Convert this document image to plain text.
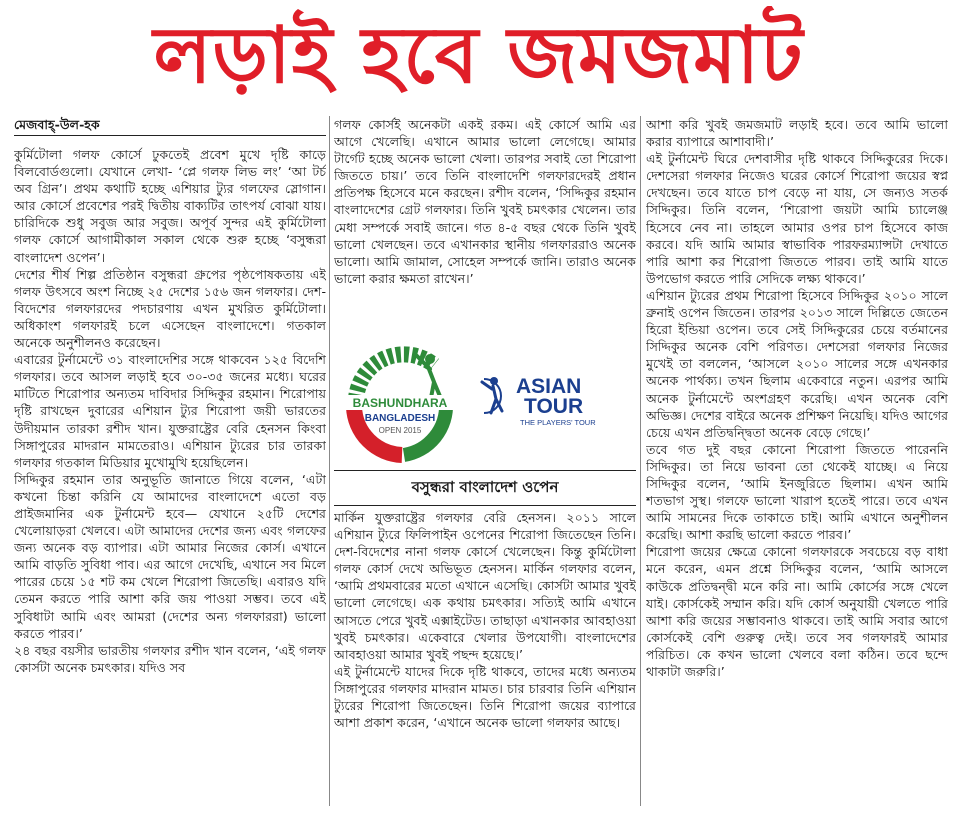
লড়াই হবে জমজমাট
মেজবাহ্-উল-হক

কুর্মিটোলা গলফ কোর্সে ঢুকতেই প্রবেশ মুখে দৃষ্টি কাড়ে বিলবোর্ডগুলো। যেখানে লেখা- ‘প্লে গলফ লিভ লং’ ‘আ টর্চ অব গ্রিন’। প্রথম কথাটি হচ্ছে এশিয়ার ট্যুর গলফের স্লোগান। আর কোর্সে প্রবেশের পরই দ্বিতীয় বাক্যটির তাৎপর্য বোঝা যায়। চারিদিকে শুধু সবুজ আর সবুজ। অপূর্ব সুন্দর এই কুর্মিটোলা গলফ কোর্সে আগামীকাল সকাল থেকে শুরু হচ্ছে ‘বসুন্ধরা বাংলাদেশ ওপেন’।

দেশের শীর্ষ শিল্প প্রতিষ্ঠান বসুন্ধরা গ্রুপের পৃষ্ঠপোষকতায় এই গলফ উৎসবে অংশ নিচ্ছে ২৫ দেশের ১৫৬ জন গলফার। দেশ-বিদেশের গলফারদের পদচারণায় এখন মুখরিত কুর্মিটোলা। অধিকাংশ গলফারই চলে এসেছেন বাংলাদেশে। গতকাল অনেকে অনুশীলনও করেছেন।

এবারের টুর্নামেন্টে ৩১ বাংলাদেশির সঙ্গে থাকবেন ১২৫ বিদেশি গলফার। তবে আসল লড়াই হবে ৩০-৩৫ জনের মধ্যে। ঘরের মাটিতে শিরোপার অন্যতম দাবিদার সিদ্দিকুর রহমান। শিরোপায় দৃষ্টি রাখছেন দুবারের এশিয়ান ট্যুর শিরোপা জয়ী ভারতের উদীয়মান তারকা রশীদ খান। যুক্তরাষ্ট্রের বেরি হেনসন কিংবা সিঙ্গাপুরের মাদরান মামতেরাও। এশিয়ান ট্যুরের চার তারকা গলফার গতকাল মিডিয়ার মুখোমুখি হয়েছিলেন।

সিদ্দিকুর রহমান তার অনুভূতি জানাতে গিয়ে বলেন, ‘এটা কখনো চিন্তা করিনি যে আমাদের বাংলাদেশে এতো বড় প্রাইজমানির এক টুর্নামেন্ট হবে— যেখানে ২৫টি দেশের খেলোয়াড়রা খেলবে। এটা আমাদের দেশের জন্য এবং গলফের জন্য অনেক বড় ব্যাপার। এটা আমার নিজের কোর্স। এখানে আমি বাড়তি সুবিধা পাব। এর আগে দেখেছি, এখানে সব মিলে পারের চেয়ে ১৫ শট কম খেলে শিরোপা জিতেছি। এবারও যদি তেমন করতে পারি আশা করি জয় পাওয়া সম্ভব। তবে এই সুবিধাটা আমি এবং আমরা (দেশের অন্য গলফাররা) ভালো করতে পারব।’

২৪ বছর বয়সীর ভারতীয় গলফার রশীদ খান বলেন, ‘এই গলফ কোর্সটা অনেক চমৎকার। যদিও সব

গলফ কোর্সই অনেকটা একই রকম। এই কোর্সে আমি এর আগে খেলেছি। এখানে আমার ভালো লেগেছে। আমার টার্গেট হচ্ছে অনেক ভালো খেলা। তারপর সবাই তো শিরোপা জিততে চায়।’ তবে তিনি বাংলাদেশি গলফারদেরই প্রধান প্রতিপক্ষ হিসেবে মনে করছেন। রশীদ বলেন, ‘সিদ্দিকুর রহমান বাংলাদেশের গ্রেট গলফার। তিনি খুবই চমৎকার খেলেন। তার মেধা সম্পর্কে সবাই জানে। গত ৪-৫ বছর থেকে তিনি খুবই ভালো খেলছেন। তবে এখানকার স্থানীয় গলফাররাও অনেক ভালো। আমি জামাল, সোহেল সম্পর্কে জানি। তারাও অনেক ভালো করার ক্ষমতা রাখেন।’

মার্কিন যুক্তরাষ্ট্রের গলফার বেরি হেনসন। ২০১১ সালে এশিয়ান ট্যুরে ফিলিপাইন ওপেনের শিরোপা জিতেছেন তিনি। দেশ-বিদেশের নানা গলফ কোর্সে খেলেছেন। কিন্তু কুর্মিটোলা গলফ কোর্স দেখে অভিভূত হেনসন। মার্কিন গলফার বলেন, ‘আমি প্রথমবারের মতো এখানে এসেছি। কোর্সটা আমার খুবই ভালো লেগেছে। এক কথায় চমৎকার। সত্যিই আমি এখানে আসতে পেরে খুবই এক্সাইটেড। তাছাড়া এখানকার আবহাওয়া খুবই চমৎকার। একেবারে খেলার উপযোগী। বাংলাদেশের আবহাওয়া আমার খুবই পছন্দ হয়েছে।’

এই টুর্নামেন্টে যাদের দিকে দৃষ্টি থাকবে, তাদের মধ্যে অন্যতম সিঙ্গাপুরের গলফার মাদরান মামত। চার চারবার তিনি এশিয়ান ট্যুরের শিরোপা জিতেছেন। তিনি শিরোপা জয়ের ব্যাপারে আশা প্রকাশ করেন, ‘এখানে অনেক ভালো গলফার আছে।

BASHUNDHARA
BANGLADESH
OPEN 2015
ASIAN
TOUR
THE PLAYERS' TOUR
বসুন্ধরা বাংলাদেশ ওপেন

আশা করি খুবই জমজমাট লড়াই হবে। তবে আমি ভালো করার ব্যাপারে আশাবাদী।’

এই টুর্নামেন্ট ঘিরে দেশবাসীর দৃষ্টি থাকবে সিদ্দিকুরের দিকে। দেশসেরা গলফার নিজেও ঘরের কোর্সে শিরোপা জয়ের স্বপ্ন দেখছেন। তবে যাতে চাপ বেড়ে না যায়, সে জন্যও সতর্ক সিদ্দিকুর। তিনি বলেন, ‘শিরোপা জয়টা আমি চ্যালেঞ্জ হিসেবে নেব না। তাহলে আমার ওপর চাপ হিসেবে কাজ করবে। যদি আমি আমার স্বাভাবিক পারফরম্যান্সটা দেখাতে পারি আশা কর শিরোপা জিততে পারব। তাই আমি যাতে উপভোগ করতে পারি সেদিকে লক্ষ্য থাকবে।’

এশিয়ান ট্যুরের প্রথম শিরোপা হিসেবে সিদ্দিকুর ২০১০ সালে ব্রুনাই ওপেন জিতেন। তারপর ২০১৩ সালে দিল্লিতে জেতেন হিরো ইন্ডিয়া ওপেন। তবে সেই সিদ্দিকুরের চেয়ে বর্তমানের সিদ্দিকুর অনেক বেশি পরিণত। দেশসেরা গলফার নিজের মুখেই তা বললেন, ‘আসলে ২০১০ সালের সঙ্গে এখনকার অনেক পার্থক্য। তখন ছিলাম একেবারে নতুন। এরপর আমি অনেক টুর্নামেন্টে অংশগ্রহণ করেছি। এখন অনেক বেশি অভিজ্ঞ। দেশের বাইরে অনেক প্রশিক্ষণ নিয়েছি। যদিও আগের চেয়ে এখন প্রতিদ্বন্দ্বিতা অনেক বেড়ে গেছে।’

তবে গত দুই বছর কোনো শিরোপা জিততে পারেননি সিদ্দিকুর। তা নিয়ে ভাবনা তো থেকেই যাচ্ছে। এ নিয়ে সিদ্দিকুর বলেন, ‘আমি ইনজুরিতে ছিলাম। এখন আমি শতভাগ সুস্থ। গলফে ভালো খারাপ হতেই পারে। তবে এখন আমি সামনের দিকে তাকাতে চাই। আমি এখানে অনুশীলন করেছি। আশা করছি ভালো করতে পারব।’

শিরোপা জয়ের ক্ষেত্রে কোনো গলফারকে সবচেয়ে বড় বাধা মনে করেন, এমন প্রশ্নে সিদ্দিকুর বলেন, ‘আমি আসলে কাউকে প্রতিদ্বন্দ্বী মনে করি না। আমি কোর্সের সঙ্গে খেলে যাই। কোর্সকেই সম্মান করি। যদি কোর্স অনুযায়ী খেলতে পারি আশা করি জয়ের সম্ভাবনাও থাকবে। তাই আমি সবার আগে কোর্সকেই বেশি গুরুত্ব দেই। তবে সব গলফারই আমার পরিচিত। কে কখন ভালো খেলবে বলা কঠিন। তবে ছন্দে থাকাটা জরুরি।’
